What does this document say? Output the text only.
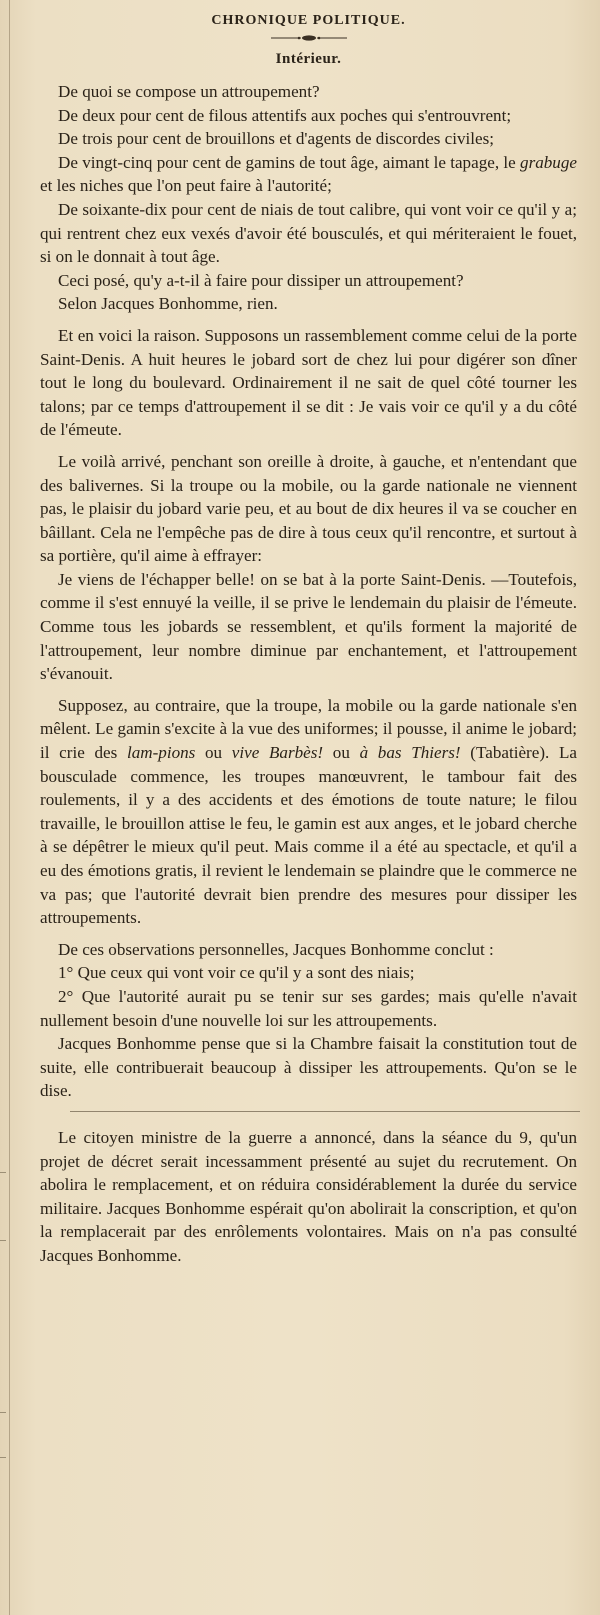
CHRONIQUE POLITIQUE.
Intérieur.

De quoi se compose un attroupement?

De deux pour cent de filous attentifs aux poches qui s'entrouvrent;

De trois pour cent de brouillons et d'agents de discordes civiles;

De vingt-cinq pour cent de gamins de tout âge, aimant le tapage, le grabuge et les niches que l'on peut faire à l'autorité;

De soixante-dix pour cent de niais de tout calibre, qui vont voir ce qu'il y a; qui rentrent chez eux vexés d'avoir été bousculés, et qui mériteraient le fouet, si on le donnait à tout âge.

Ceci posé, qu'y a-t-il à faire pour dissiper un attroupement?

Selon Jacques Bonhomme, rien.

Et en voici la raison. Supposons un rassemblement comme celui de la porte Saint-Denis. A huit heures le jobard sort de chez lui pour digérer son dîner tout le long du boulevard. Ordinairement il ne sait de quel côté tourner les talons; par ce temps d'attroupement il se dit : Je vais voir ce qu'il y a du côté de l'émeute.

Le voilà arrivé, penchant son oreille à droite, à gauche, et n'entendant que des balivernes. Si la troupe ou la mobile, ou la garde nationale ne viennent pas, le plaisir du jobard varie peu, et au bout de dix heures il va se coucher en bâillant. Cela ne l'empêche pas de dire à tous ceux qu'il rencontre, et surtout à sa portière, qu'il aime à effrayer:

Je viens de l'échapper belle! on se bat à la porte Saint-Denis. —Toutefois, comme il s'est ennuyé la veille, il se prive le lendemain du plaisir de l'émeute. Comme tous les jobards se ressemblent, et qu'ils forment la majorité de l'attroupement, leur nombre diminue par enchantement, et l'attroupement s'évanouit.

Supposez, au contraire, que la troupe, la mobile ou la garde nationale s'en mêlent. Le gamin s'excite à la vue des uniformes; il pousse, il anime le jobard; il crie des lam-pions ou vive Barbès! ou à bas Thiers! (Tabatière). La bousculade commence, les troupes manœuvrent, le tambour fait des roulements, il y a des accidents et des émotions de toute nature; le filou travaille, le brouillon attise le feu, le gamin est aux anges, et le jobard cherche à se dépêtrer le mieux qu'il peut. Mais comme il a été au spectacle, et qu'il a eu des émotions gratis, il revient le lendemain se plaindre que le commerce ne va pas; que l'autorité devrait bien prendre des mesures pour dissiper les attroupements.

De ces observations personnelles, Jacques Bonhomme conclut :

1° Que ceux qui vont voir ce qu'il y a sont des niais;

2° Que l'autorité aurait pu se tenir sur ses gardes; mais qu'elle n'avait nullement besoin d'une nouvelle loi sur les attroupements.

Jacques Bonhomme pense que si la Chambre faisait la constitution tout de suite, elle contribuerait beaucoup à dissiper les attroupements. Qu'on se le dise.

Le citoyen ministre de la guerre a annoncé, dans la séance du 9, qu'un projet de décret serait incessamment présenté au sujet du recrutement. On abolira le remplacement, et on réduira considérablement la durée du service militaire. Jacques Bonhomme espérait qu'on abolirait la conscription, et qu'on la remplacerait par des enrôlements volontaires. Mais on n'a pas consulté Jacques Bonhomme.
